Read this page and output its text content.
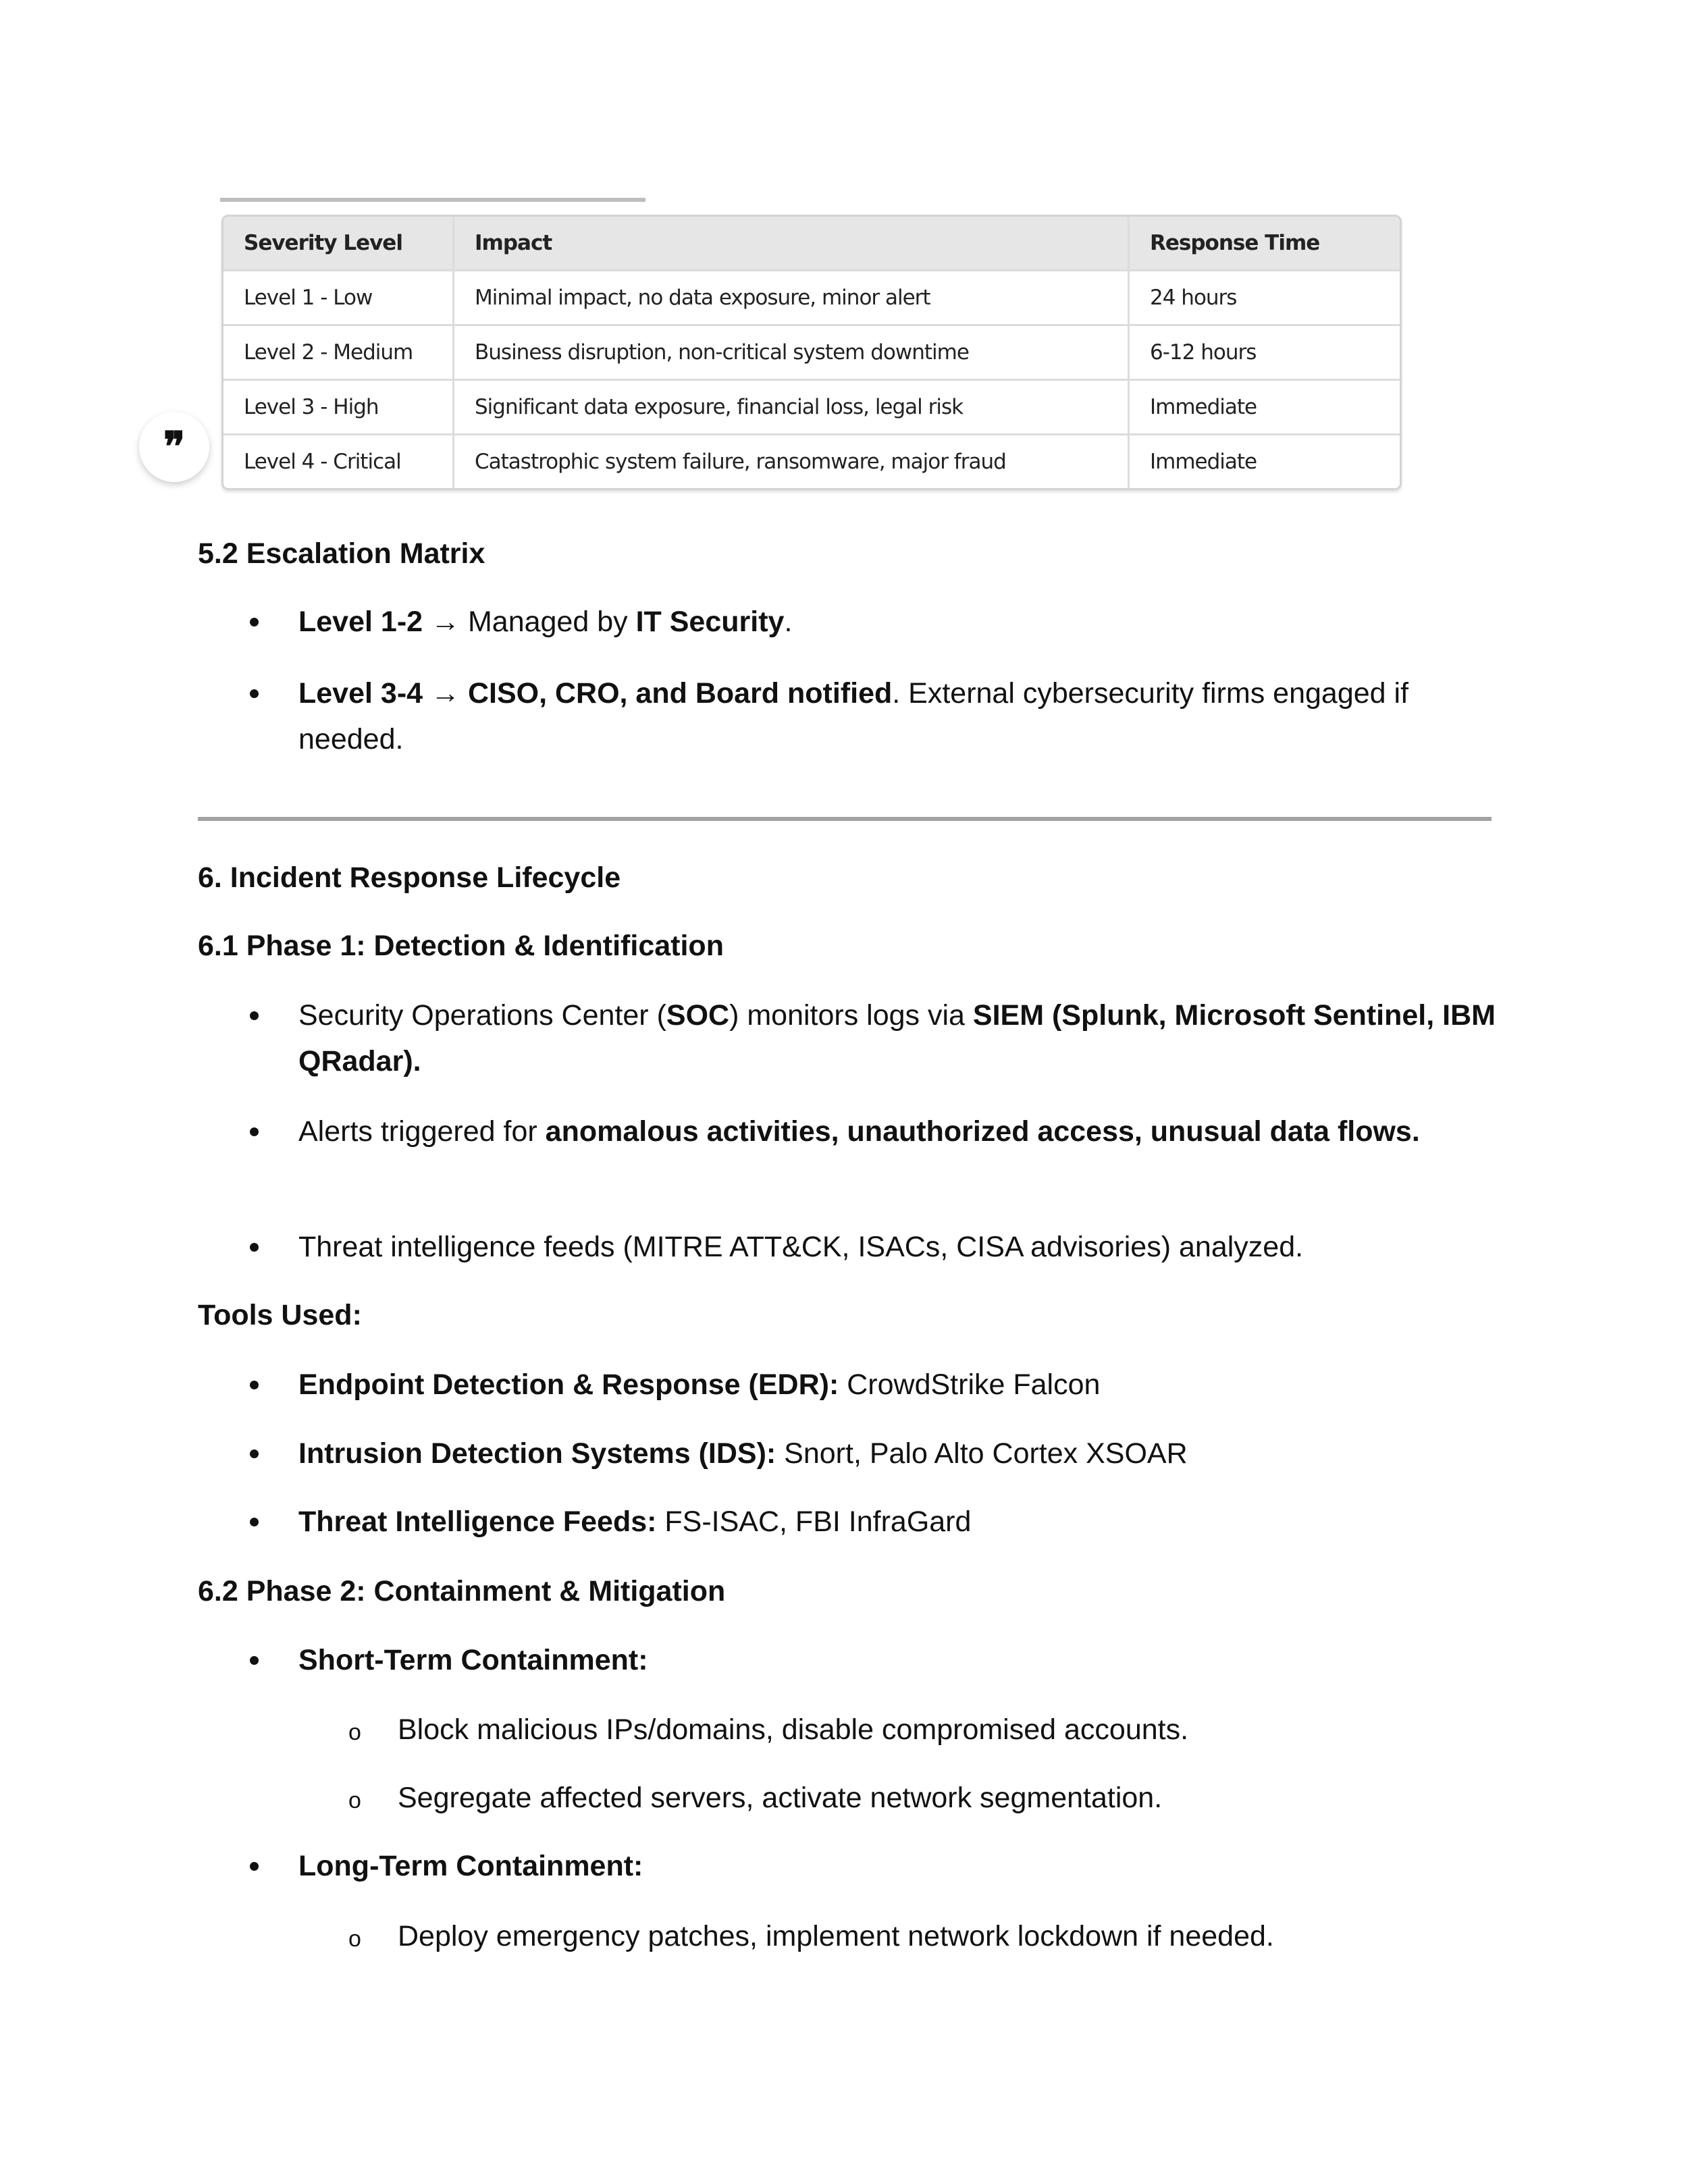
Severity Level	Impact	Response Time
Level 1 - Low	Minimal impact, no data exposure, minor alert	24 hours
Level 2 - Medium	Business disruption, non-critical system downtime	6-12 hours
Level 3 - High	Significant data exposure, financial loss, legal risk	Immediate
Level 4 - Critical	Catastrophic system failure, ransomware, major fraud	Immediate
❞
5.2 Escalation Matrix
Level 1-2 → Managed by IT Security.
Level 3-4 → CISO, CRO, and Board notified. External cybersecurity firms engaged if needed.
6. Incident Response Lifecycle
6.1 Phase 1: Detection & Identification
Security Operations Center (SOC) monitors logs via SIEM (Splunk, Microsoft Sentinel, IBM QRadar).
Alerts triggered for anomalous activities, unauthorized access, unusual data flows.
Threat intelligence feeds (MITRE ATT&CK, ISACs, CISA advisories) analyzed.
Tools Used:
Endpoint Detection & Response (EDR): CrowdStrike Falcon
Intrusion Detection Systems (IDS): Snort, Palo Alto Cortex XSOAR
Threat Intelligence Feeds: FS-ISAC, FBI InfraGard
6.2 Phase 2: Containment & Mitigation
Short-Term Containment:
o Block malicious IPs/domains, disable compromised accounts.
o Segregate affected servers, activate network segmentation.
Long-Term Containment:
o Deploy emergency patches, implement network lockdown if needed.
